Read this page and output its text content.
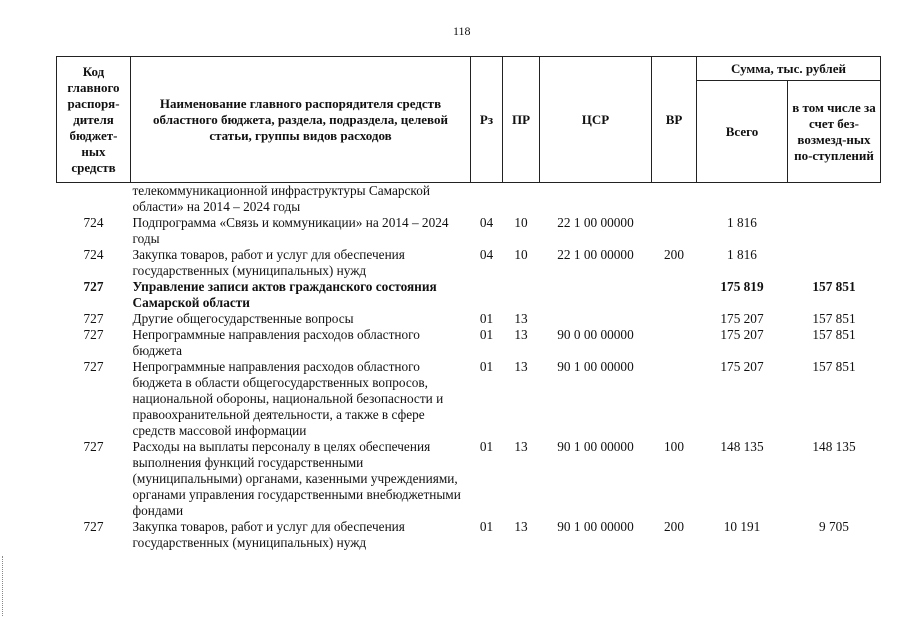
118
Код главного распоря-дителя бюджет-ных средств	Наименование главного распорядителя средств областного бюджета, раздела, подраздела, целевой статьи, группы видов расходов	Рз	ПР	ЦСР	ВР	Сумма, тыс. рублей	
						Всего	в том числе за счет без-возмезд-ных по-ступлений
	телекоммуникационной инфраструктуры Самарской области» на 2014 – 2024 годы						
724	Подпрограмма «Связь и коммуникации» на 2014 – 2024 годы	04	10	22 1 00 00000		1 816	
724	Закупка товаров, работ и услуг для обеспечения государственных (муниципальных) нужд	04	10	22 1 00 00000	200	1 816	
727	Управление записи актов гражданского состояния Самарской области					175 819	157 851
727	Другие общегосударственные вопросы	01	13			175 207	157 851
727	Непрограммные направления расходов областного бюджета	01	13	90 0 00 00000		175 207	157 851
727	Непрограммные направления расходов областного бюджета в области общегосударственных вопросов, национальной обороны, национальной безопасности и правоохранительной деятельности, а также в сфере средств массовой информации	01	13	90 1 00 00000		175 207	157 851
727	Расходы на выплаты персоналу в целях обеспечения выполнения функций государственными (муниципальными) органами, казенными учреждениями, органами управления государственными внебюджетными фондами	01	13	90 1 00 00000	100	148 135	148 135
727	Закупка товаров, работ и услуг для обеспечения государственных (муниципальных) нужд	01	13	90 1 00 00000	200	10 191	9 705
